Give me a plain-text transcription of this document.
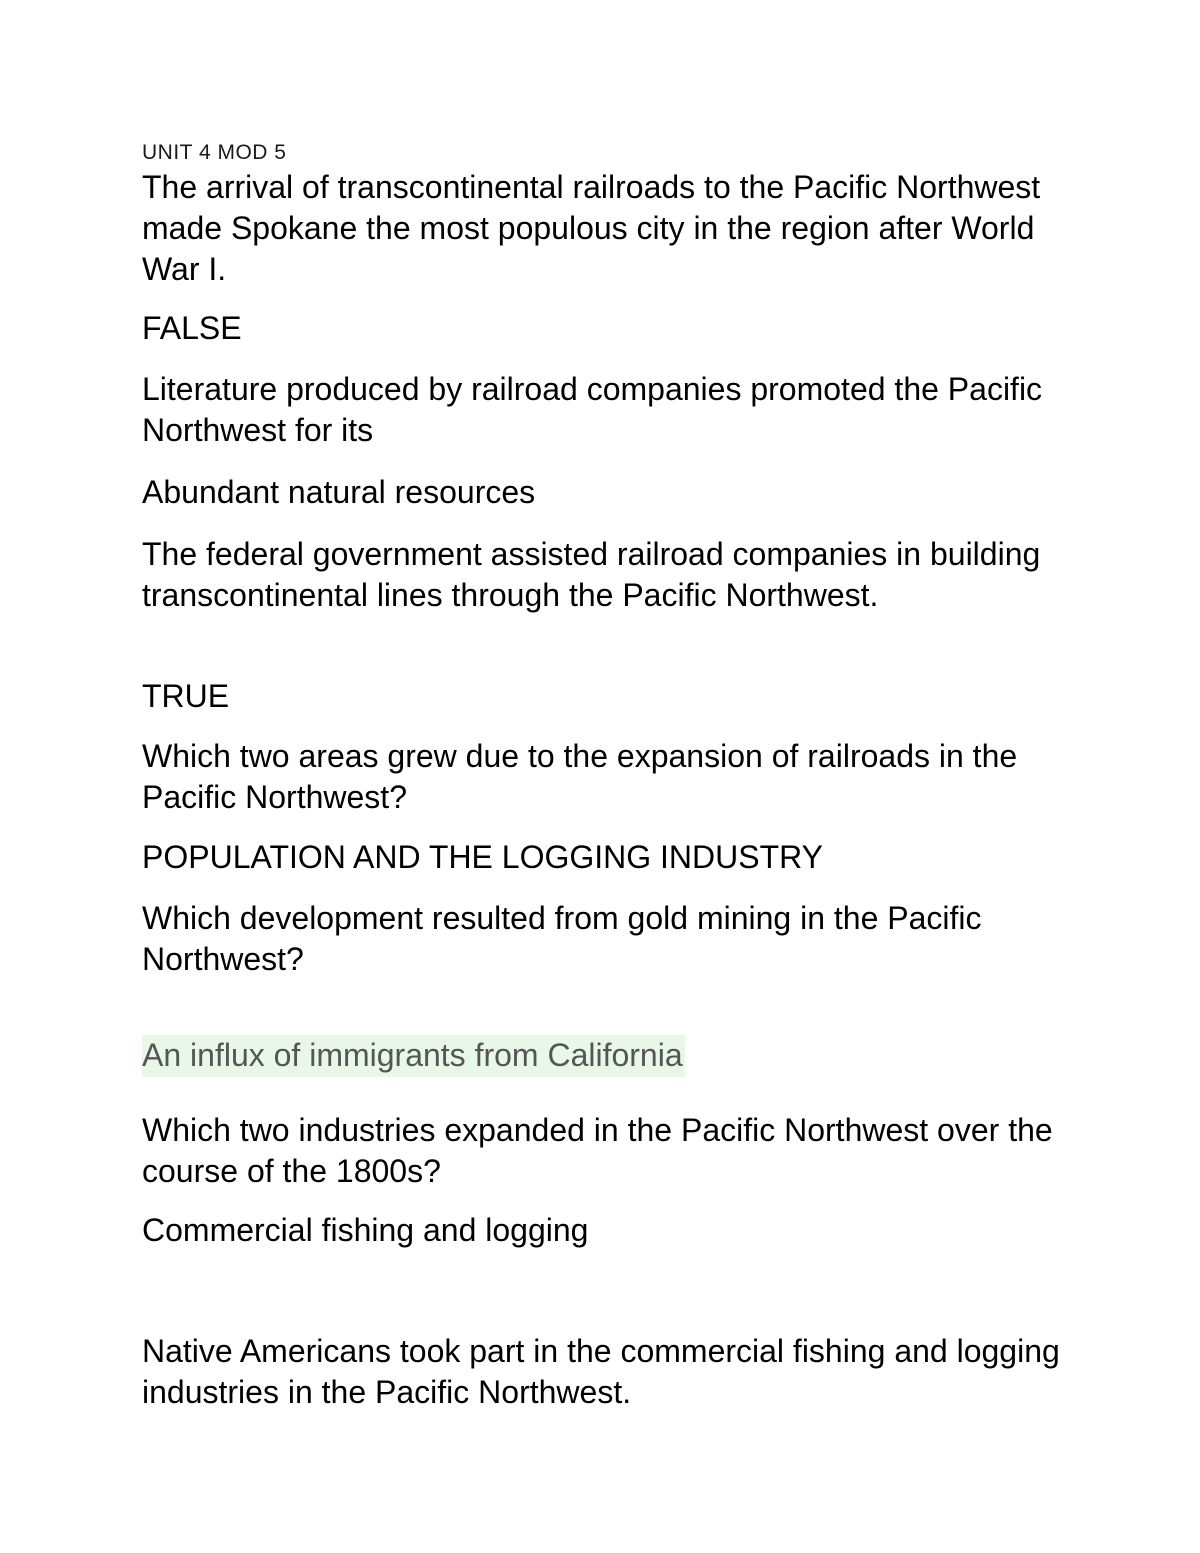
UNIT 4 MOD 5
The arrival of transcontinental railroads to the Pacific Northwest made Spokane the most populous city in the region after World War I.
FALSE
Literature produced by railroad companies promoted the Pacific Northwest for its
Abundant natural resources
The federal government assisted railroad companies in building transcontinental lines through the Pacific Northwest.
TRUE
Which two areas grew due to the expansion of railroads in the Pacific Northwest?
POPULATION AND THE LOGGING INDUSTRY
Which development resulted from gold mining in the Pacific Northwest?
An influx of immigrants from California
Which two industries expanded in the Pacific Northwest over the course of the 1800s?
Commercial fishing and logging
Native Americans took part in the commercial fishing and logging industries in the Pacific Northwest.
